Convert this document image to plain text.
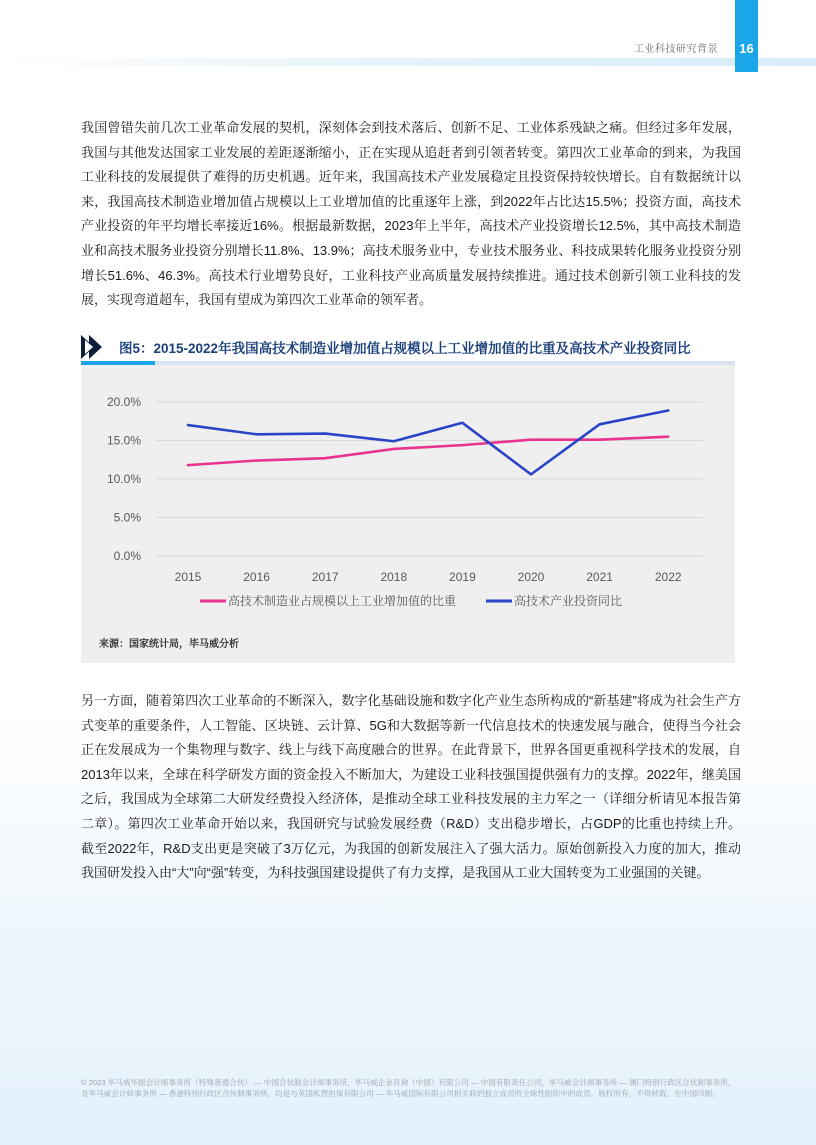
工业科技研究背景	16

我国曾错失前几次工业革命发展的契机，深刻体会到技术落后、创新不足、工业体系残缺之痛。但经过多年发展，我国与其他发达国家工业发展的差距逐渐缩小，正在实现从追赶者到引领者转变。第四次工业革命的到来，为我国工业科技的发展提供了难得的历史机遇。近年来，我国高技术产业发展稳定且投资保持较快增长。自有数据统计以来，我国高技术制造业增加值占规模以上工业增加值的比重逐年上涨，到2022年占比达15.5%；投资方面，高技术产业投资的年平均增长率接近16%。根据最新数据，2023年上半年，高技术产业投资增长12.5%，其中高技术制造业和高技术服务业投资分别增长11.8%、13.9%；高技术服务业中，专业技术服务业、科技成果转化服务业投资分别增长51.6%、46.3%。高技术行业增势良好，工业科技产业高质量发展持续推进。通过技术创新引领工业科技的发展，实现弯道超车，我国有望成为第四次工业革命的领军者。

图5：2015-2022年我国高技术制造业增加值占规模以上工业增加值的比重及高技术产业投资同比
0.0%
5.0%
10.0%
15.0%
20.0%
2015	2016	2017	2018	2019	2020	2021	2022
高技术制造业占规模以上工业增加值的比重	高技术产业投资同比
来源：国家统计局，毕马威分析

另一方面，随着第四次工业革命的不断深入，数字化基础设施和数字化产业生态所构成的“新基建”将成为社会生产方式变革的重要条件，人工智能、区块链、云计算、5G和大数据等新一代信息技术的快速发展与融合，使得当今社会正在发展成为一个集物理与数字、线上与线下高度融合的世界。在此背景下，世界各国更重视科学技术的发展，自2013年以来，全球在科学研发方面的资金投入不断加大，为建设工业科技强国提供强有力的支撑。2022年，继美国之后，我国成为全球第二大研发经费投入经济体，是推动全球工业科技发展的主力军之一（详细分析请见本报告第二章）。第四次工业革命开始以来，我国研究与试验发展经费（R&D）支出稳步增长，占GDP的比重也持续上升。截至2022年，R&D支出更是突破了3万亿元，为我国的创新发展注入了强大活力。原始创新投入力度的加大，推动我国研发投入由“大”向“强”转变，为科技强国建设提供了有力支撑，是我国从工业大国转变为工业强国的关键。

© 2023 毕马威华振会计师事务所（特殊普通合伙） — 中国合伙制会计师事务所，毕马威企业咨询（中国）有限公司 — 中国有限责任公司，毕马威会计师事务所 — 澳门特别行政区合伙制事务所，及毕马威会计师事务所 — 香港特别行政区合伙制事务所，均是与英国私营担保有限公司 — 毕马威国际有限公司相关联的独立成员所全球性组织中的成员。版权所有，不得转载。在中国印制。
